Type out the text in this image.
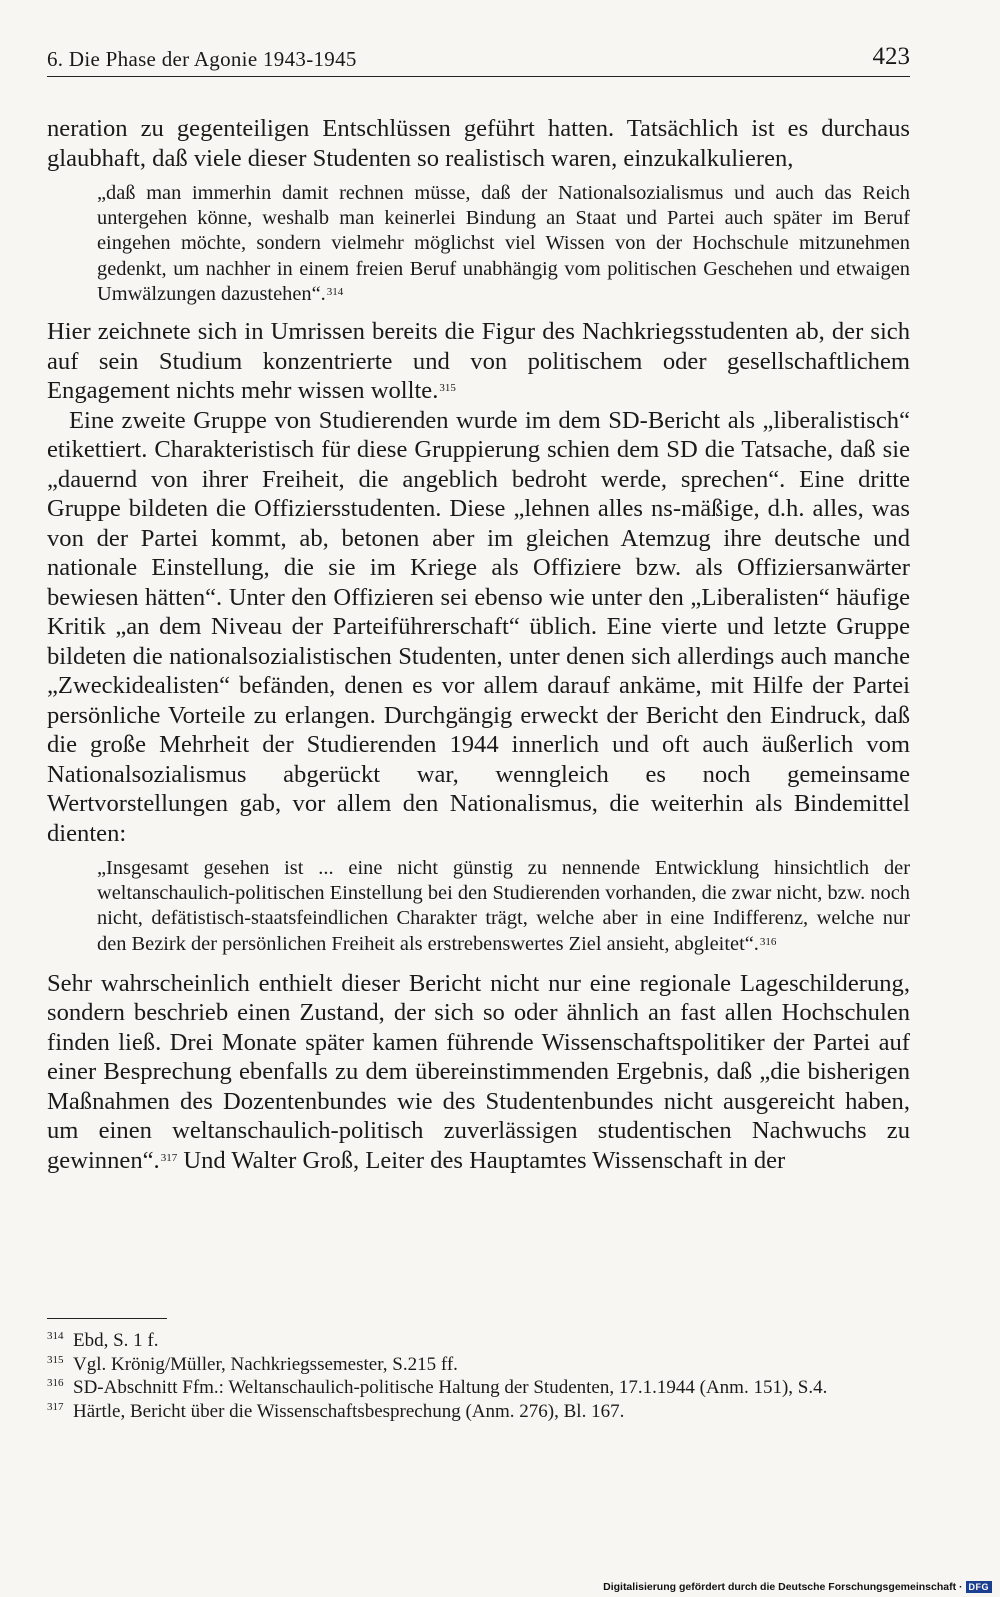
6. Die Phase der Agonie 1943-1945	423

neration zu gegenteiligen Entschlüssen geführt hatten. Tatsächlich ist es durchaus glaubhaft, daß viele dieser Studenten so realistisch waren, einzukalkulieren,

„daß man immerhin damit rechnen müsse, daß der Nationalsozialismus und auch das Reich untergehen könne, weshalb man keinerlei Bindung an Staat und Partei auch später im Beruf eingehen möchte, sondern vielmehr möglichst viel Wissen von der Hochschule mitzunehmen gedenkt, um nachher in einem freien Beruf unabhängig vom politischen Geschehen und etwaigen Umwälzungen dazustehen“.$^{314}$

Hier zeichnete sich in Umrissen bereits die Figur des Nachkriegsstudenten ab, der sich auf sein Studium konzentrierte und von politischem oder gesellschaftlichem Engagement nichts mehr wissen wollte.$^{315}$

Eine zweite Gruppe von Studierenden wurde im dem SD-Bericht als „liberalistisch“ etikettiert. Charakteristisch für diese Gruppierung schien dem SD die Tatsache, daß sie „dauernd von ihrer Freiheit, die angeblich bedroht werde, sprechen“. Eine dritte Gruppe bildeten die Offiziersstudenten. Diese „lehnen alles ns-mäßige, d.h. alles, was von der Partei kommt, ab, betonen aber im gleichen Atemzug ihre deutsche und nationale Einstellung, die sie im Kriege als Offiziere bzw. als Offiziersanwärter bewiesen hätten“. Unter den Offizieren sei ebenso wie unter den „Liberalisten“ häufige Kritik „an dem Niveau der Parteiführerschaft“ üblich. Eine vierte und letzte Gruppe bildeten die nationalsozialistischen Studenten, unter denen sich allerdings auch manche „Zweckidealisten“ befänden, denen es vor allem darauf ankäme, mit Hilfe der Partei persönliche Vorteile zu erlangen. Durchgängig erweckt der Bericht den Eindruck, daß die große Mehrheit der Studierenden 1944 innerlich und oft auch äußerlich vom Nationalsozialismus abgerückt war, wenngleich es noch gemeinsame Wertvorstellungen gab, vor allem den Nationalismus, die weiterhin als Bindemittel dienten:

„Insgesamt gesehen ist ... eine nicht günstig zu nennende Entwicklung hinsichtlich der weltanschaulich-politischen Einstellung bei den Studierenden vorhanden, die zwar nicht, bzw. noch nicht, defätistisch-staatsfeindlichen Charakter trägt, welche aber in eine Indifferenz, welche nur den Bezirk der persönlichen Freiheit als erstrebenswertes Ziel ansieht, abgleitet“.$^{316}$

Sehr wahrscheinlich enthielt dieser Bericht nicht nur eine regionale Lageschilderung, sondern beschrieb einen Zustand, der sich so oder ähnlich an fast allen Hochschulen finden ließ. Drei Monate später kamen führende Wissenschaftspolitiker der Partei auf einer Besprechung ebenfalls zu dem übereinstimmenden Ergebnis, daß „die bisherigen Maßnahmen des Dozentenbundes wie des Studentenbundes nicht ausgereicht haben, um einen weltanschaulich-politisch zuverlässigen studentischen Nachwuchs zu gewinnen“.$^{317}$ Und Walter Groß, Leiter des Hauptamtes Wissenschaft in der

314 Ebd, S. 1 f.
315 Vgl. Krönig/Müller, Nachkriegssemester, S.215 ff.
316 SD-Abschnitt Ffm.: Weltanschaulich-politische Haltung der Studenten, 17.1.1944 (Anm. 151), S.4.
317 Härtle, Bericht über die Wissenschaftsbesprechung (Anm. 276), Bl. 167.
Digitalisierung gefördert durch die Deutsche Forschungsgemeinschaft · DFG
